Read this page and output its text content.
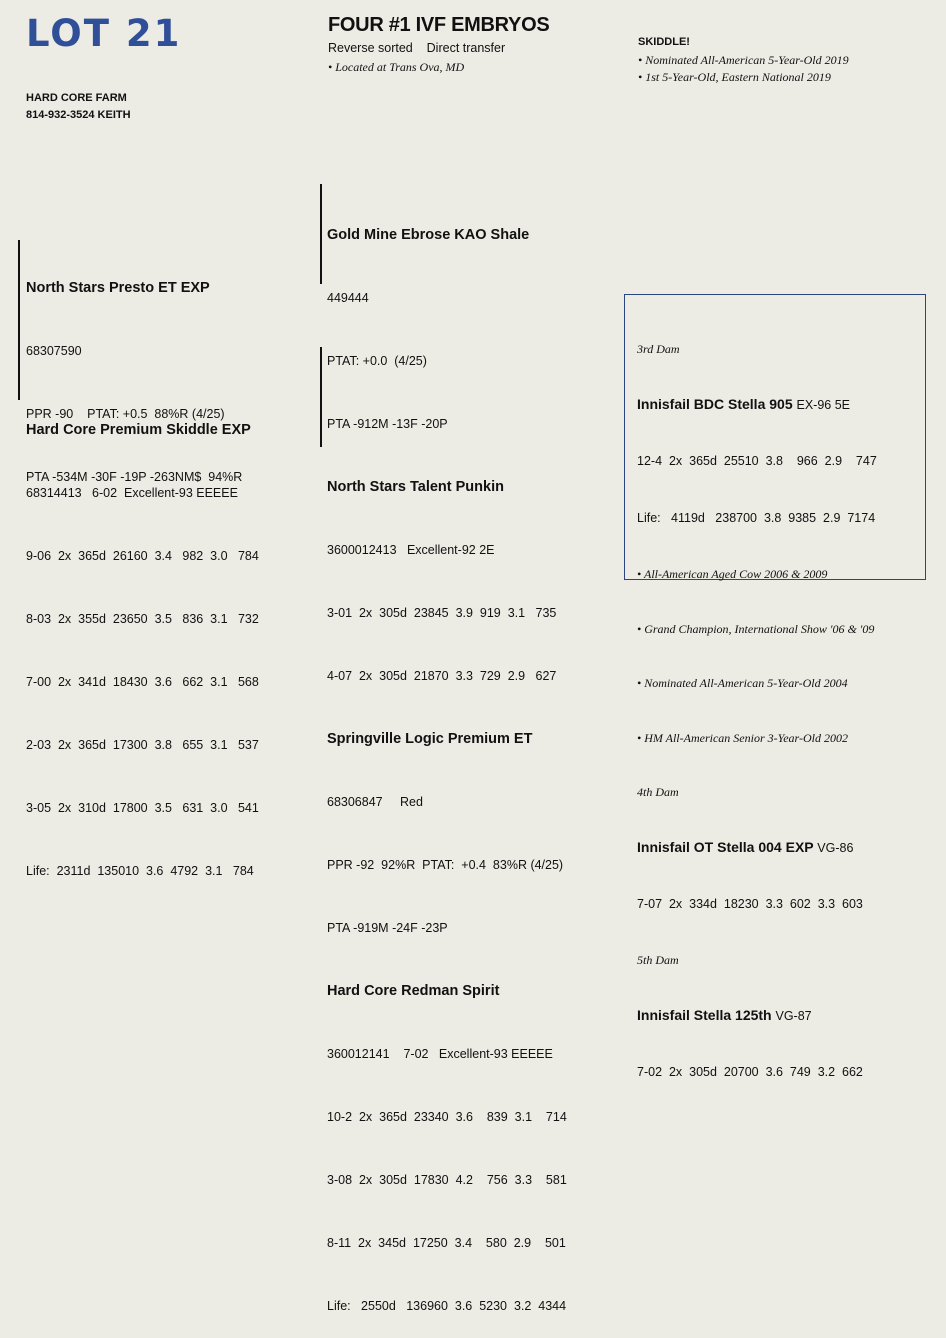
LOT 21
HARD CORE FARM
814-932-3524 KEITH
FOUR #1 IVF EMBRYOS
Reverse sorted    Direct transfer
• Located at Trans Ova, MD
SKIDDLE!
• Nominated All-American 5-Year-Old 2019
• 1st 5-Year-Old, Eastern National 2019

North Stars Presto ET EXP

68307590

PPR -90    PTAT: +0.5  88%R (4/25)

PTA -534M -30F -19P -263NM$  94%R

Hard Core Premium Skiddle EXP

68314413   6-02  Excellent-93 EEEEE

9-06  2x  365d  26160  3.4   982  3.0   784

8-03  2x  355d  23650  3.5   836  3.1   732

7-00  2x  341d  18430  3.6   662  3.1   568

2-03  2x  365d  17300  3.8   655  3.1   537

3-05  2x  310d  17800  3.5   631  3.0   541

Life:  2311d  135010  3.6  4792  3.1   784

Gold Mine Ebrose KAO Shale

449444

PTAT: +0.0  (4/25)

PTA -912M -13F -20P

North Stars Talent Punkin

3600012413   Excellent-92 2E

3-01  2x  305d  23845  3.9  919  3.1   735

4-07  2x  305d  21870  3.3  729  2.9   627

Springville Logic Premium ET

68306847     Red

PPR -92  92%R  PTAT:  +0.4  83%R (4/25)

PTA -919M -24F -23P

Hard Core Redman Spirit

360012141    7-02   Excellent-93 EEEEE

10-2  2x  365d  23340  3.6    839  3.1    714

3-08  2x  305d  17830  4.2    756  3.3    581

8-11  2x  345d  17250  3.4    580  2.9    501

Life:   2550d   136960  3.6  5230  3.2  4344

3rd Dam

Innisfail BDC Stella 905 EX-96 5E

12-4  2x  365d  25510  3.8    966  2.9    747

Life:   4119d   238700  3.8  9385  2.9  7174

• All-American Aged Cow 2006 & 2009

• Grand Champion, International Show '06 & '09

• Nominated All-American 5-Year-Old 2004

• HM All-American Senior 3-Year-Old 2002

4th Dam

Innisfail OT Stella 004 EXP VG-86

7-07  2x  334d  18230  3.3  602  3.3  603

5th Dam

Innisfail Stella 125th VG-87

7-02  2x  305d  20700  3.6  749  3.2  662
